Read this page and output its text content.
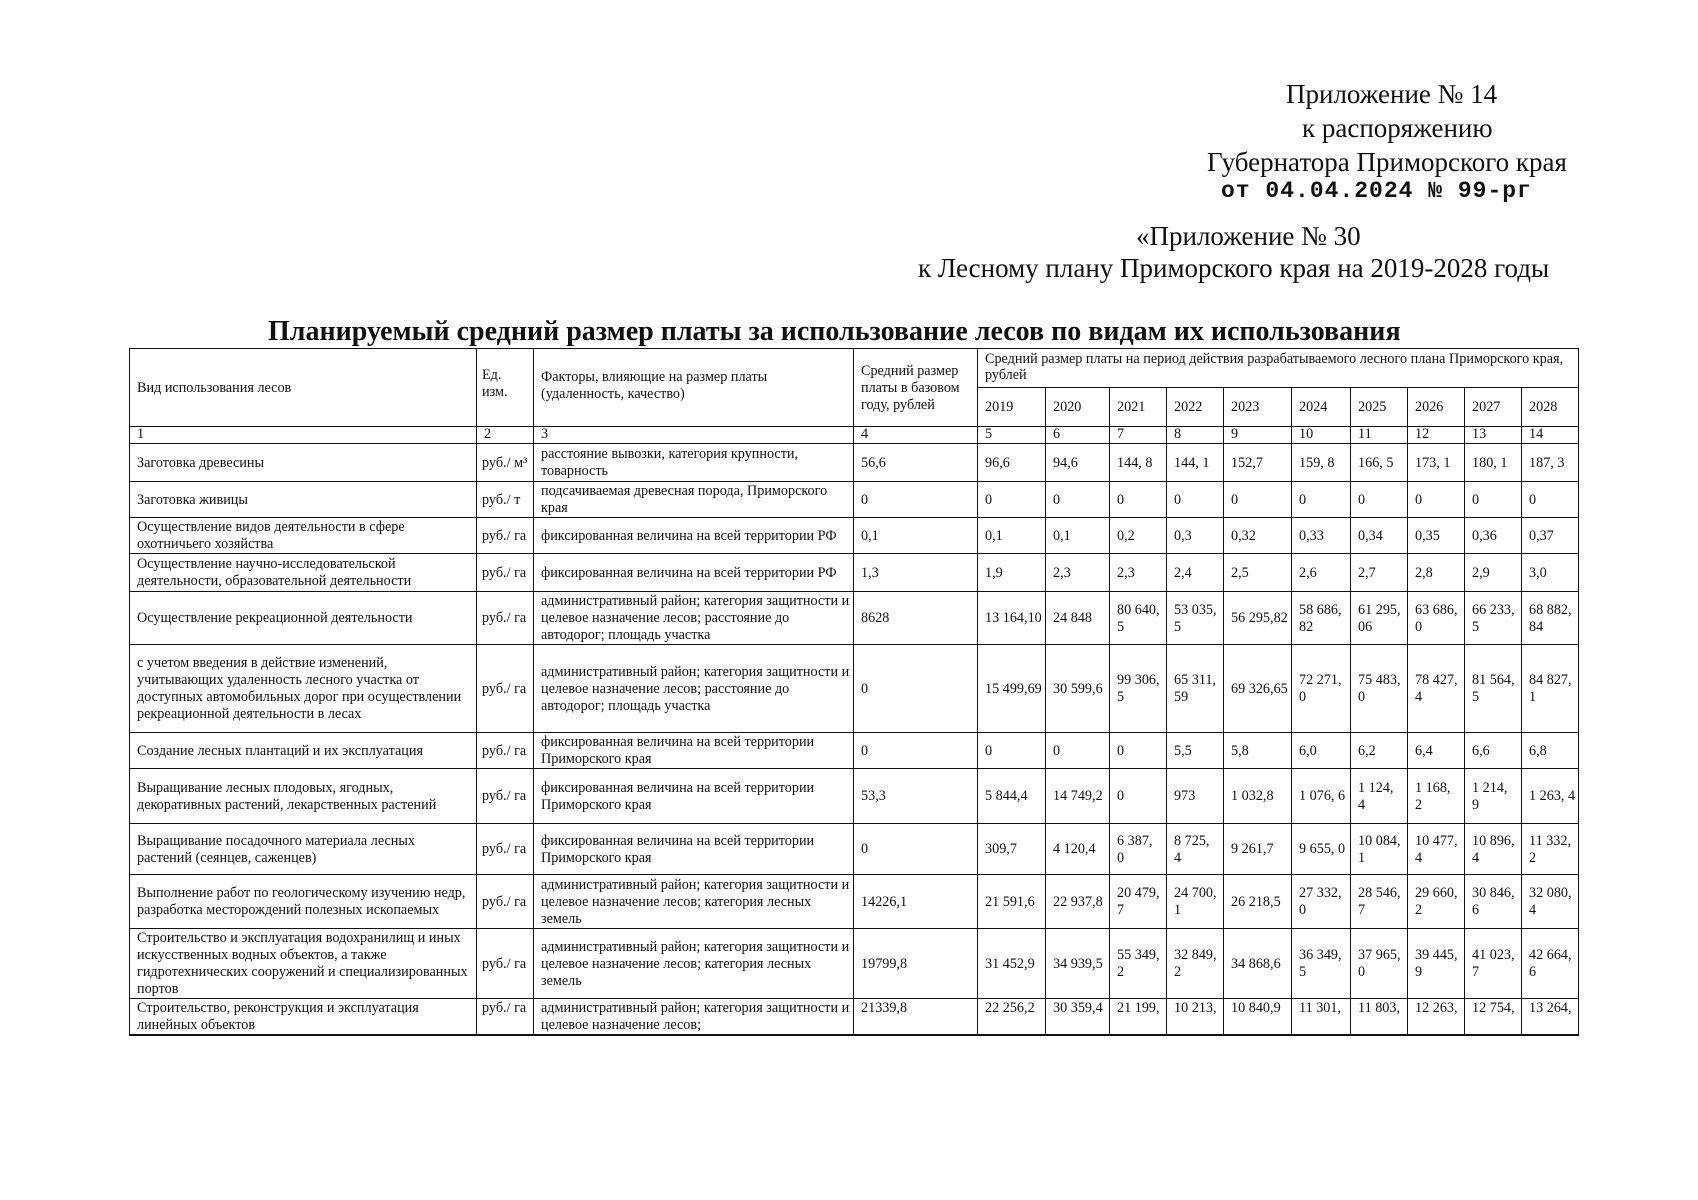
Приложение № 14
к распоряжению
Губернатора Приморского края
от 04.04.2024 № 99-рг
«Приложение № 30
к Лесному плану Приморского края на 2019-2028 годы
Планируемый средний размер платы за использование лесов по видам их использования
Вид использования лесов	Ед. изм.	Факторы, влияющие на размер платы (удаленность, качество)	Средний размер платы в базовом году, рублей	Средний размер платы на период действия разрабатываемого лесного плана Приморского края, рублей									
				2019	2020	2021	2022	2023	2024	2025	2026	2027	2028
1	2	3	4	5	6	7	8	9	10	11	12	13	14
Заготовка древесины	руб./ м³	расстояние вывозки, категория крупности, товарность	56,6	96,6	94,6	144, 8	144, 1	152,7	159, 8	166, 5	173, 1	180, 1	187, 3
Заготовка живицы	руб./ т	подсачиваемая древесная порода, Приморского края	0	0	0	0	0	0	0	0	0	0	0
Осуществление видов деятельности в сфере охотничьего хозяйства	руб./ га	фиксированная величина на всей территории РФ	0,1	0,1	0,1	0,2	0,3	0,32	0,33	0,34	0,35	0,36	0,37
Осуществление научно-исследовательской деятельности, образовательной деятельности	руб./ га	фиксированная величина на всей территории РФ	1,3	1,9	2,3	2,3	2,4	2,5	2,6	2,7	2,8	2,9	3,0
Осуществление рекреационной деятельности	руб./ га	административный район; категория защитности и целевое назначение лесов; расстояние до автодорог; площадь участка	8628	13 164,10	24 848	80 640, 5	53 035, 5	56 295,82	58 686, 82	61 295, 06	63 686, 0	66 233, 5	68 882, 84
с учетом введения в действие изменений, учитывающих удаленность лесного участка от доступных автомобильных дорог при осуществлении рекреационной деятельности в лесах	руб./ га	административный район; категория защитности и целевое назначение лесов; расстояние до автодорог; площадь участка	0	15 499,69	30 599,6	99 306, 5	65 311, 59	69 326,65	72 271, 0	75 483, 0	78 427, 4	81 564, 5	84 827, 1
Создание лесных плантаций и их эксплуатация	руб./ га	фиксированная величина на всей территории Приморского края	0	0	0	0	5,5	5,8	6,0	6,2	6,4	6,6	6,8
Выращивание лесных плодовых, ягодных, декоративных растений, лекарственных растений	руб./ га	фиксированная величина на всей территории Приморского края	53,3	5 844,4	14 749,2	0	973	1 032,8	1 076, 6	1 124, 4	1 168, 2	1 214, 9	1 263, 4
Выращивание посадочного материала лесных растений (сеянцев, саженцев)	руб./ га	фиксированная величина на всей территории Приморского края	0	309,7	4 120,4	6 387, 0	8 725, 4	9 261,7	9 655, 0	10 084, 1	10 477, 4	10 896, 4	11 332, 2
Выполнение работ по геологическому изучению недр, разработка месторождений полезных ископаемых	руб./ га	административный район; категория защитности и целевое назначение лесов; категория лесных земель	14226,1	21 591,6	22 937,8	20 479, 7	24 700, 1	26 218,5	27 332, 0	28 546, 7	29 660, 2	30 846, 6	32 080, 4
Строительство и эксплуатация водохранилищ и иных искусственных водных объектов, а также гидротехнических сооружений и специализированных портов	руб./ га	административный район; категория защитности и целевое назначение лесов; категория лесных земель	19799,8	31 452,9	34 939,5	55 349, 2	32 849, 2	34 868,6	36 349, 5	37 965, 0	39 445, 9	41 023, 7	42 664, 6
Строительство, реконструкция и эксплуатация линейных объектов	руб./ га	административный район; категория защитности и целевое назначение лесов;	21339,8	22 256,2	30 359,4	21 199,	10 213,	10 840,9	11 301,	11 803,	12 263,	12 754,	13 264,
